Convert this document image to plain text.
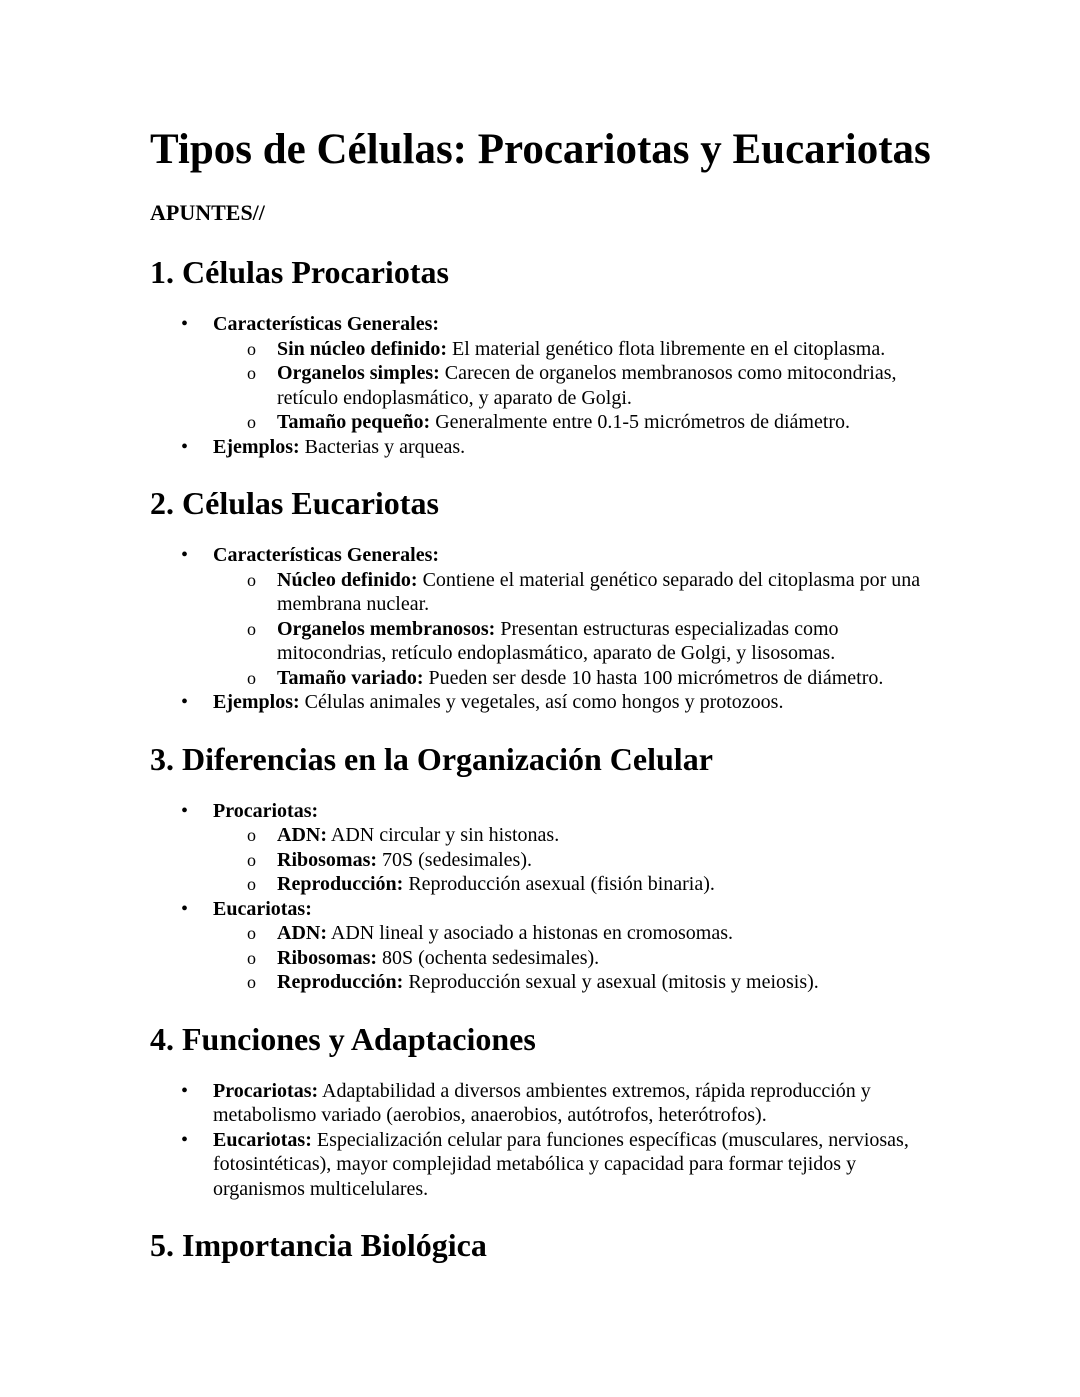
Tipos de Células: Procariotas y Eucariotas
APUNTES//
1. Células Procariotas
• Características Generales:
o Sin núcleo definido: El material genético flota libremente en el citoplasma.
o Organelos simples: Carecen de organelos membranosos como mitocondrias, retículo endoplasmático, y aparato de Golgi.
o Tamaño pequeño: Generalmente entre 0.1-5 micrómetros de diámetro.
• Ejemplos: Bacterias y arqueas.
2. Células Eucariotas
• Características Generales:
o Núcleo definido: Contiene el material genético separado del citoplasma por una membrana nuclear.
o Organelos membranosos: Presentan estructuras especializadas como mitocondrias, retículo endoplasmático, aparato de Golgi, y lisosomas.
o Tamaño variado: Pueden ser desde 10 hasta 100 micrómetros de diámetro.
• Ejemplos: Células animales y vegetales, así como hongos y protozoos.
3. Diferencias en la Organización Celular
• Procariotas:
o ADN: ADN circular y sin histonas.
o Ribosomas: 70S (sedesimales).
o Reproducción: Reproducción asexual (fisión binaria).
• Eucariotas:
o ADN: ADN lineal y asociado a histonas en cromosomas.
o Ribosomas: 80S (ochenta sedesimales).
o Reproducción: Reproducción sexual y asexual (mitosis y meiosis).
4. Funciones y Adaptaciones
• Procariotas: Adaptabilidad a diversos ambientes extremos, rápida reproducción y metabolismo variado (aerobios, anaerobios, autótrofos, heterótrofos).
• Eucariotas: Especialización celular para funciones específicas (musculares, nerviosas, fotosintéticas), mayor complejidad metabólica y capacidad para formar tejidos y organismos multicelulares.
5. Importancia Biológica
